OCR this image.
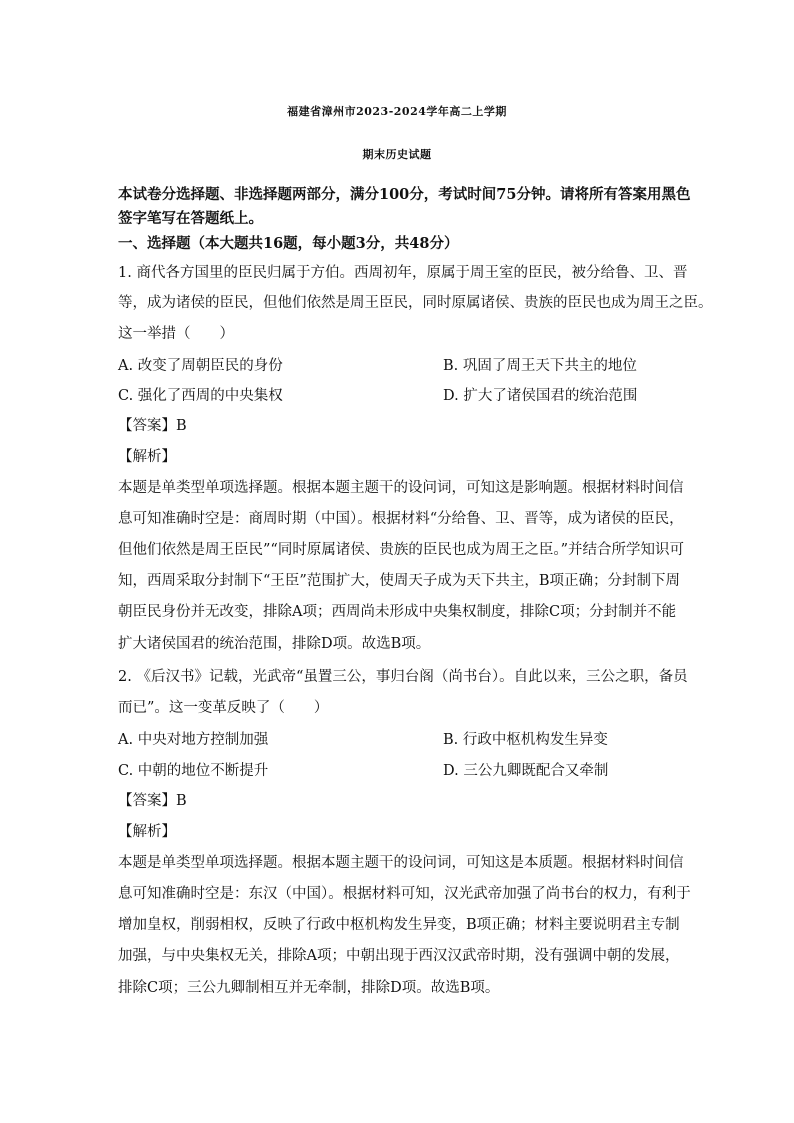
福建省漳州市2023-2024学年高二上学期
期末历史试题
本试卷分选择题、非选择题两部分，满分100分，考试时间75分钟。请将所有答案用黑色
签字笔写在答题纸上。
一、选择题（本大题共16题，每小题3分，共48分）
1. 商代各方国里的臣民归属于方伯。西周初年，原属于周王室的臣民，被分给鲁、卫、晋
等，成为诸侯的臣民，但他们依然是周王臣民，同时原属诸侯、贵族的臣民也成为周王之臣。
这一举措（　　）
A. 改变了周朝臣民的身份	B. 巩固了周王天下共主的地位
C. 强化了西周的中央集权	D. 扩大了诸侯国君的统治范围
【答案】B
【解析】
本题是单类型单项选择题。根据本题主题干的设问词，可知这是影响题。根据材料时间信
息可知准确时空是：商周时期（中国）。根据材料“分给鲁、卫、晋等，成为诸侯的臣民，
但他们依然是周王臣民”“同时原属诸侯、贵族的臣民也成为周王之臣。”并结合所学知识可
知，西周采取分封制下“王臣”范围扩大，使周天子成为天下共主，B项正确；分封制下周
朝臣民身份并无改变，排除A项；西周尚未形成中央集权制度，排除C项；分封制并不能
扩大诸侯国君的统治范围，排除D项。故选B项。
2. 《后汉书》记载，光武帝“虽置三公，事归台阁（尚书台）。自此以来，三公之职，备员
而已”。这一变革反映了（　　）
A. 中央对地方控制加强	B. 行政中枢机构发生异变
C. 中朝的地位不断提升	D. 三公九卿既配合又牵制
【答案】B
【解析】
本题是单类型单项选择题。根据本题主题干的设问词，可知这是本质题。根据材料时间信
息可知准确时空是：东汉（中国）。根据材料可知，汉光武帝加强了尚书台的权力，有利于
增加皇权，削弱相权，反映了行政中枢机构发生异变，B项正确；材料主要说明君主专制
加强，与中央集权无关，排除A项；中朝出现于西汉汉武帝时期，没有强调中朝的发展，
排除C项；三公九卿制相互并无牵制，排除D项。故选B项。
